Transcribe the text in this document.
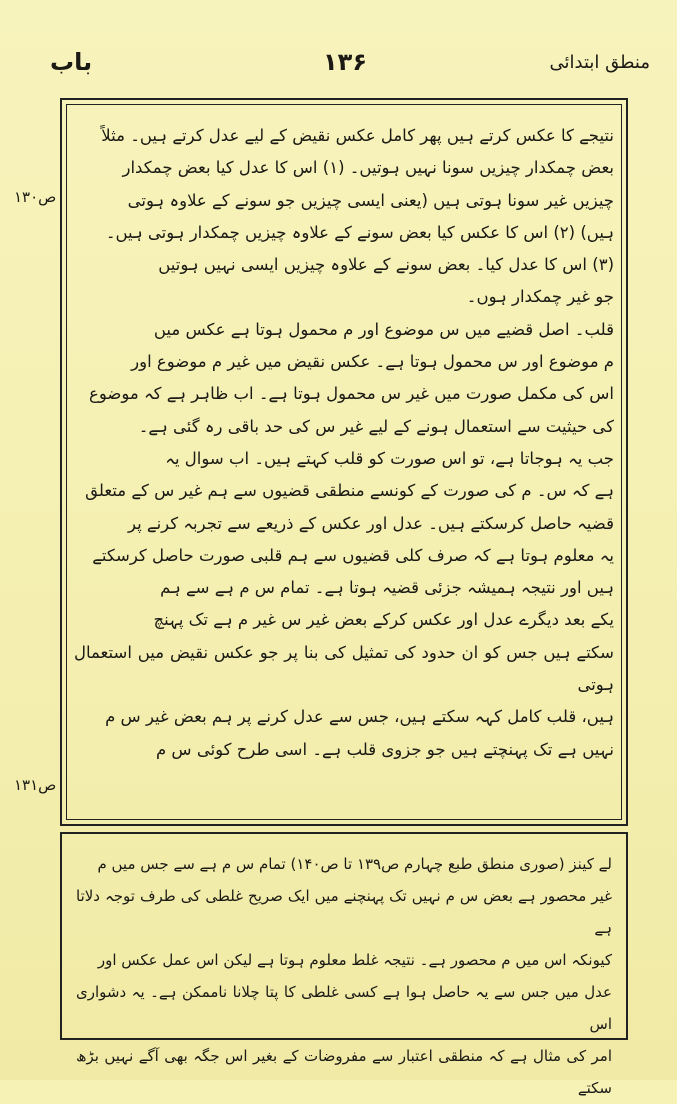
منطق ابتدائی
۱۳۶
باب

نتیجے کا عکس کرتے ہیں پھر کامل عکس نقیض کے لیے عدل کرتے ہیں۔ مثلاً

بعض چمکدار چیزیں سونا نہیں ہوتیں۔ (۱) اس کا عدل کیا بعض چمکدار

چیزیں غیر سونا ہوتی ہیں (یعنی ایسی چیزیں جو سونے کے علاوہ ہوتی

ہیں) (۲) اس کا عکس کیا بعض سونے کے علاوہ چیزیں چمکدار ہوتی ہیں۔

(۳) اس کا عدل کیا۔ بعض سونے کے علاوہ چیزیں ایسی نہیں ہوتیں

جو غیر چمکدار ہوں۔

قلب۔ اصل قضیے میں س موضوع اور م محمول ہوتا ہے عکس میں

م موضوع اور س محمول ہوتا ہے۔ عکس نقیض میں غیر م موضوع اور

اس کی مکمل صورت میں غیر س محمول ہوتا ہے۔ اب ظاہر ہے کہ موضوع

کی حیثیت سے استعمال ہونے کے لیے غیر س کی حد باقی رہ گئی ہے۔

جب یہ ہوجاتا ہے، تو اس صورت کو قلب کہتے ہیں۔ اب سوال یہ

ہے کہ س۔ م کی صورت کے کونسے منطقی قضیوں سے ہم غیر س کے متعلق

قضیہ حاصل کرسکتے ہیں۔ عدل اور عکس کے ذریعے سے تجربہ کرنے پر

یہ معلوم ہوتا ہے کہ صرف کلی قضیوں سے ہم قلبی صورت حاصل کرسکتے

ہیں اور نتیجہ ہمیشہ جزئی قضیہ ہوتا ہے۔ تمام س م ہے سے ہم

یکے بعد دیگرے عدل اور عکس کرکے بعض غیر س غیر م ہے تک پہنچ

سکتے ہیں جس کو ان حدود کی تمثیل کی بنا پر جو عکس نقیض میں استعمال ہوتی

ہیں، قلب کامل کہہ سکتے ہیں، جس سے عدل کرنے پر ہم بعض غیر س م

نہیں ہے تک پہنچتے ہیں جو جزوی قلب ہے۔ اسی طرح کوئی س م

ص۱۳۰
ص۱۳۱

لے کینز (صوری منطق طبع چہارم ص۱۳۹ تا ص۱۴۰) تمام س م ہے سے جس میں م

غیر محصور ہے بعض س م نہیں تک پہنچنے میں ایک صریح غلطی کی طرف توجہ دلاتا ہے

کیونکہ اس میں م محصور ہے۔ نتیجہ غلط معلوم ہوتا ہے لیکن اس عمل عکس اور

عدل میں جس سے یہ حاصل ہوا ہے کسی غلطی کا پتا چلانا ناممکن ہے۔ یہ دشواری اس

امر کی مثال ہے کہ منطقی اعتبار سے مفروضات کے بغیر اس جگہ بھی آگے نہیں بڑھ سکتے
